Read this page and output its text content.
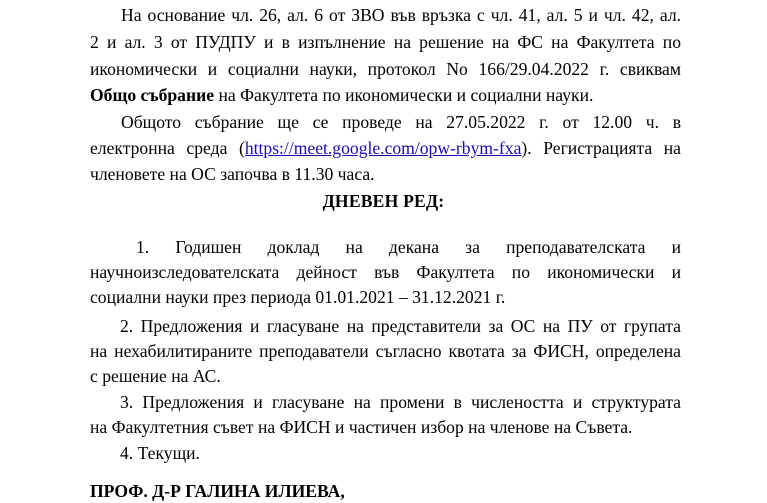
На основание чл. 26, ал. 6 от ЗВО във връзка с чл. 41, ал. 5 и чл. 42, ал.
2 и ал. 3 от ПУДПУ и в изпълнение на решение на ФС на Факултета по
икономически и социални науки, протокол No 166/29.04.2022 г. свиквам
Общо събрание на Факултета по икономически и социални науки.
Общото събрание ще се проведе на 27.05.2022 г. от 12.00 ч. в
електронна среда (https://meet.google.com/opw-rbym-fxa). Регистрацията на
членовете на ОС започва в 11.30 часа.
ДНЕВЕН РЕД:
1. Годишен доклад на декана за преподавателската и
научноизследователската дейност във Факултета по икономически и
социални науки през периода 01.01.2021 – 31.12.2021 г.
2. Предложения и гласуване на представители за ОС на ПУ от групата
на нехабилитираните преподаватели съгласно квотата за ФИСН, определена
с решение на АС.
3. Предложения и гласуване на промени в числеността и структурата
на Факултетния съвет на ФИСН и частичен избор на членове на Съвета.
4. Текущи.
ПРОФ. Д-Р ГАЛИНА ИЛИЕВА,
